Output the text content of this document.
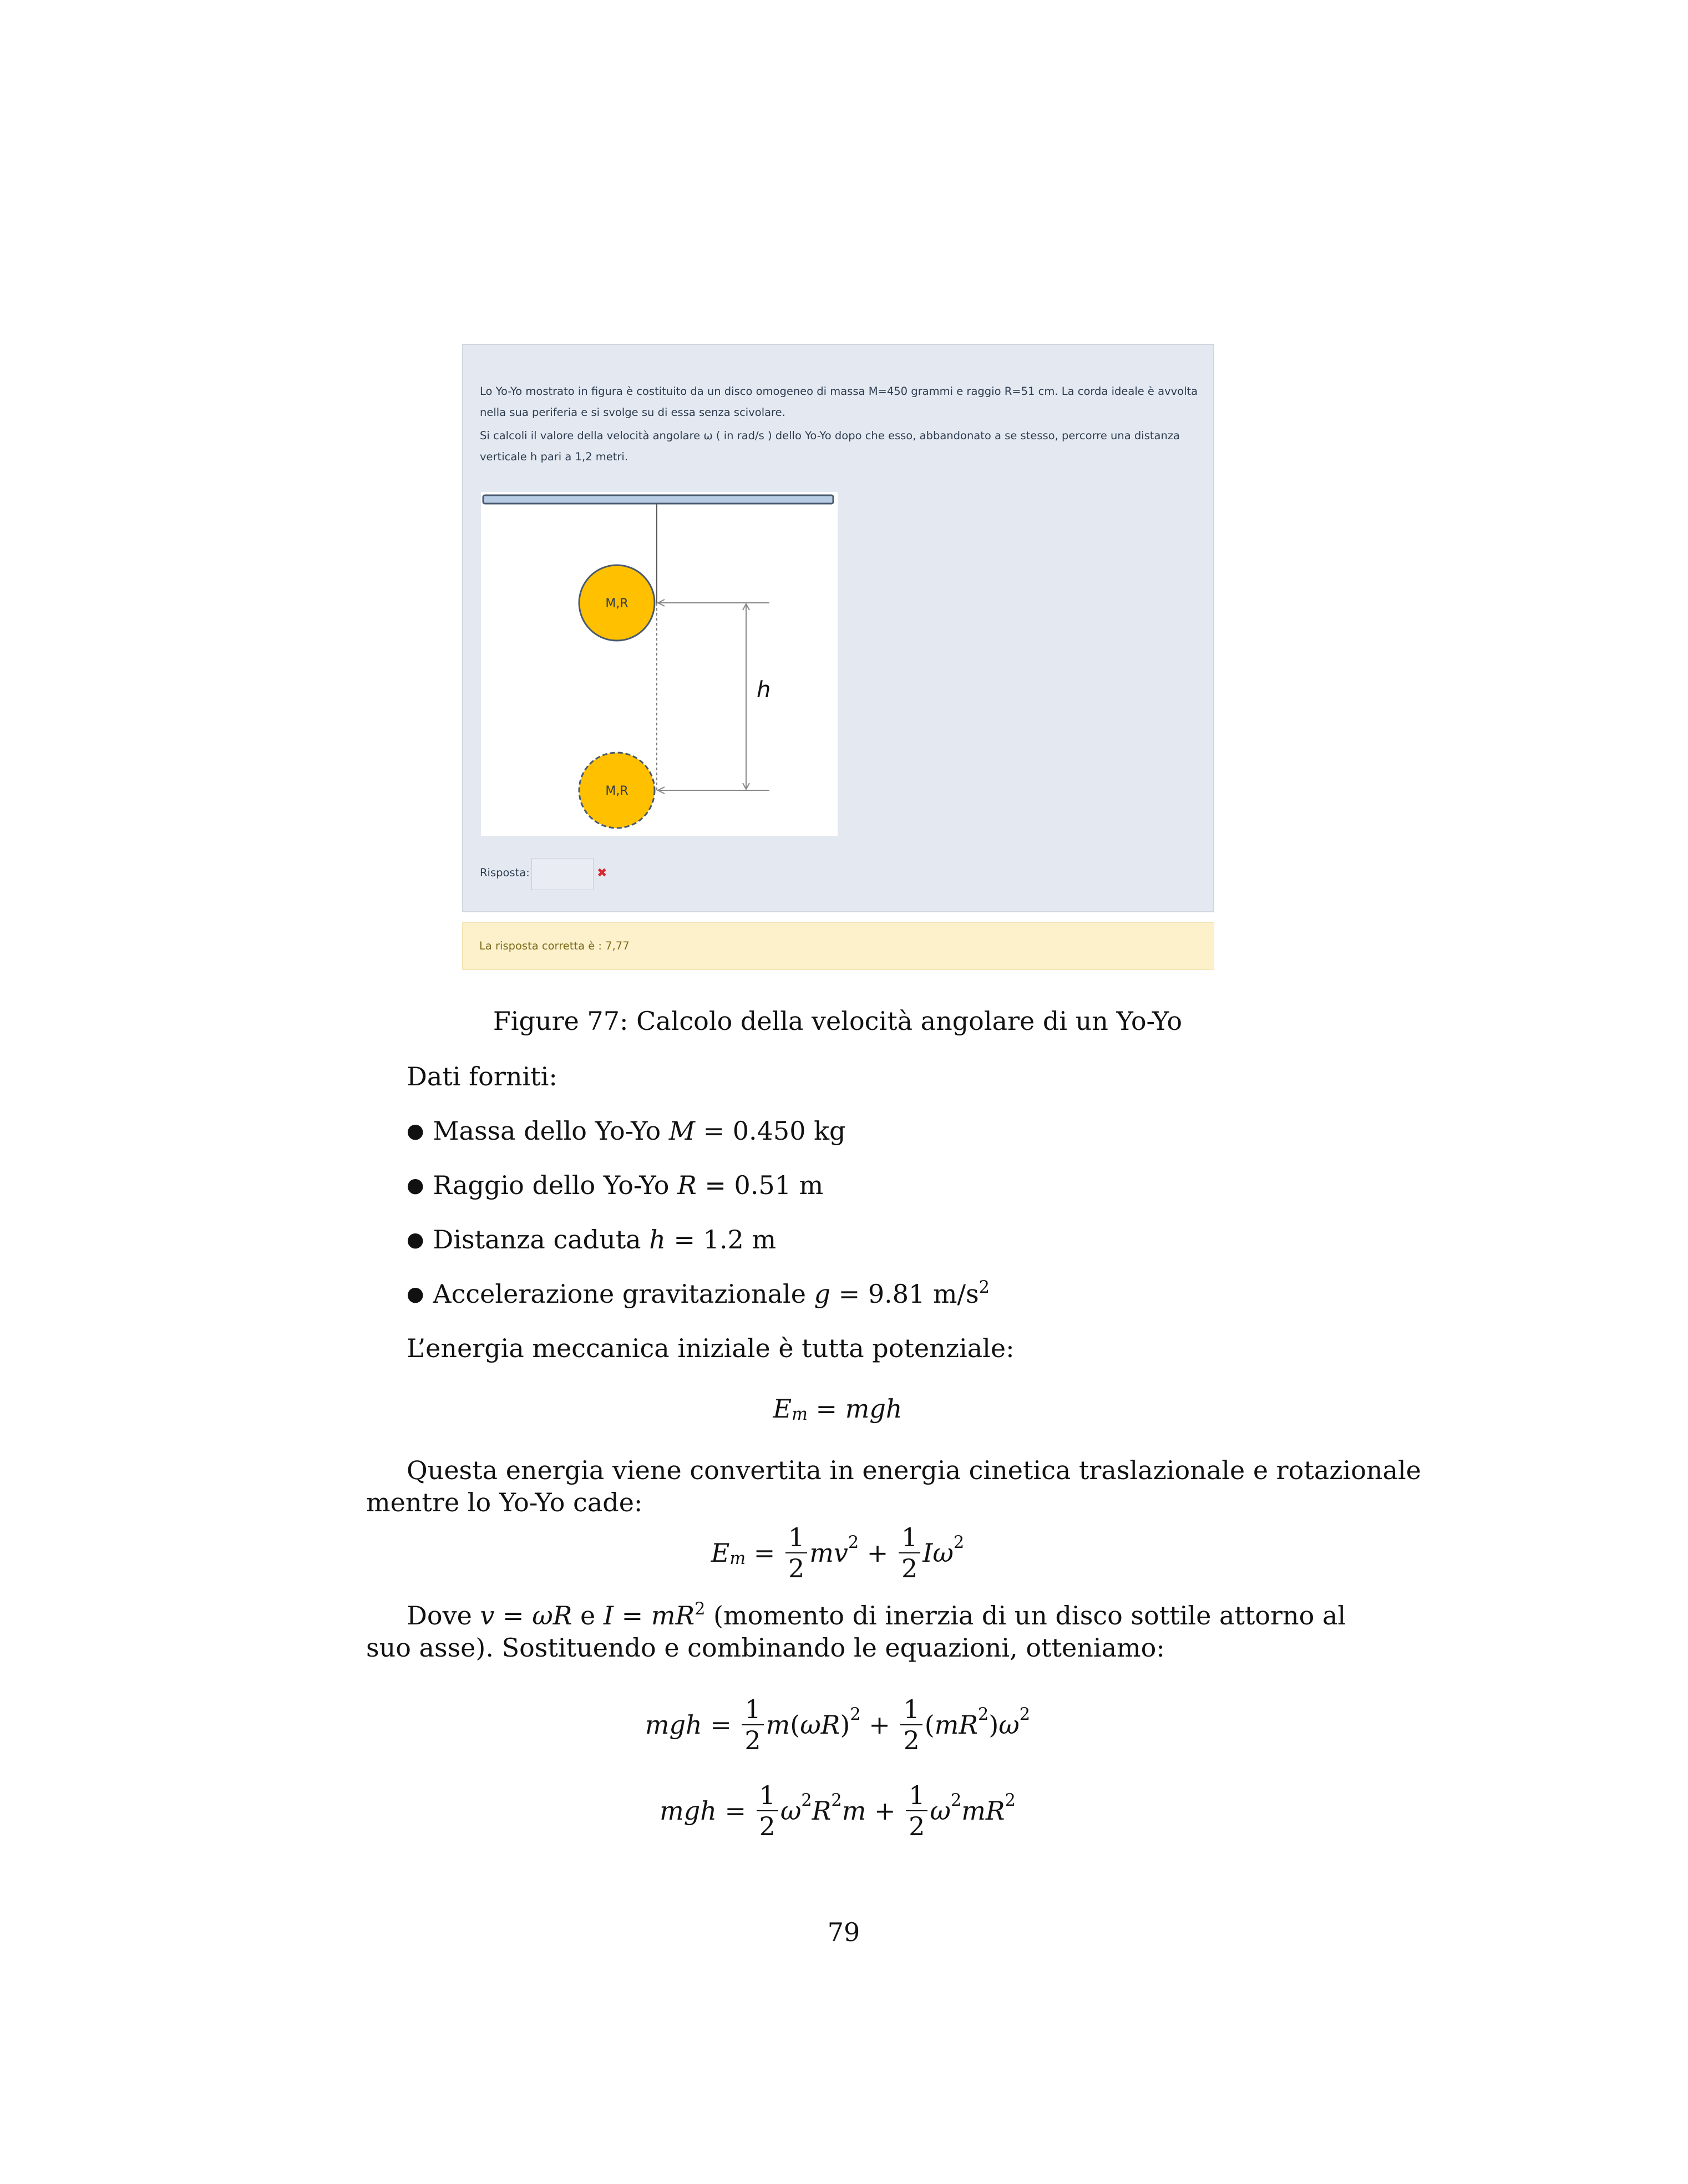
Lo Yo-Yo mostrato in figura è costituito da un disco omogeneo di massa M=450 grammi e raggio R=51 cm. La corda ideale è avvolta nella sua periferia e si svolge su di essa senza scivolare.

Si calcoli il valore della velocità angolare ω ( in rad/s ) dello Yo-Yo dopo che esso, abbandonato a se stesso, percorre una distanza verticale h pari a 1,2 metri.

M,R
M,R
h
Risposta:	✖
La risposta corretta è : 7,77
Figure 77: Calcolo della velocità angolare di un Yo-Yo
Dati forniti:
● Massa dello Yo-Yo M = 0.450 kg
● Raggio dello Yo-Yo R = 0.51 m
● Distanza caduta h = 1.2 m
● Accelerazione gravitazionale g = 9.81 $m/s^2$
L’energia meccanica iniziale è tutta potenziale:
$E_m$ = mgh
Questa energia viene convertita in energia cinetica traslazionale e rotazionale
mentre lo Yo-Yo cade:
$E_m = \frac{1}{2} mv^2 + \frac{1}{2} I\omega^2$
Dove v = ωR e $I = mR^2$ (momento di inerzia di un disco sottile attorno al
suo asse). Sostituendo e combinando le equazioni, otteniamo:
mgh = $\frac{1}{2}$ m ( ωR )$^2 + \frac{1}{2}$ ( $mR^2$ ) $\omega^2$
mgh = $\frac{1}{2} \omega^2$ $R^2$ $m + \frac{1}{2} \omega^2$ $mR^2$
79
